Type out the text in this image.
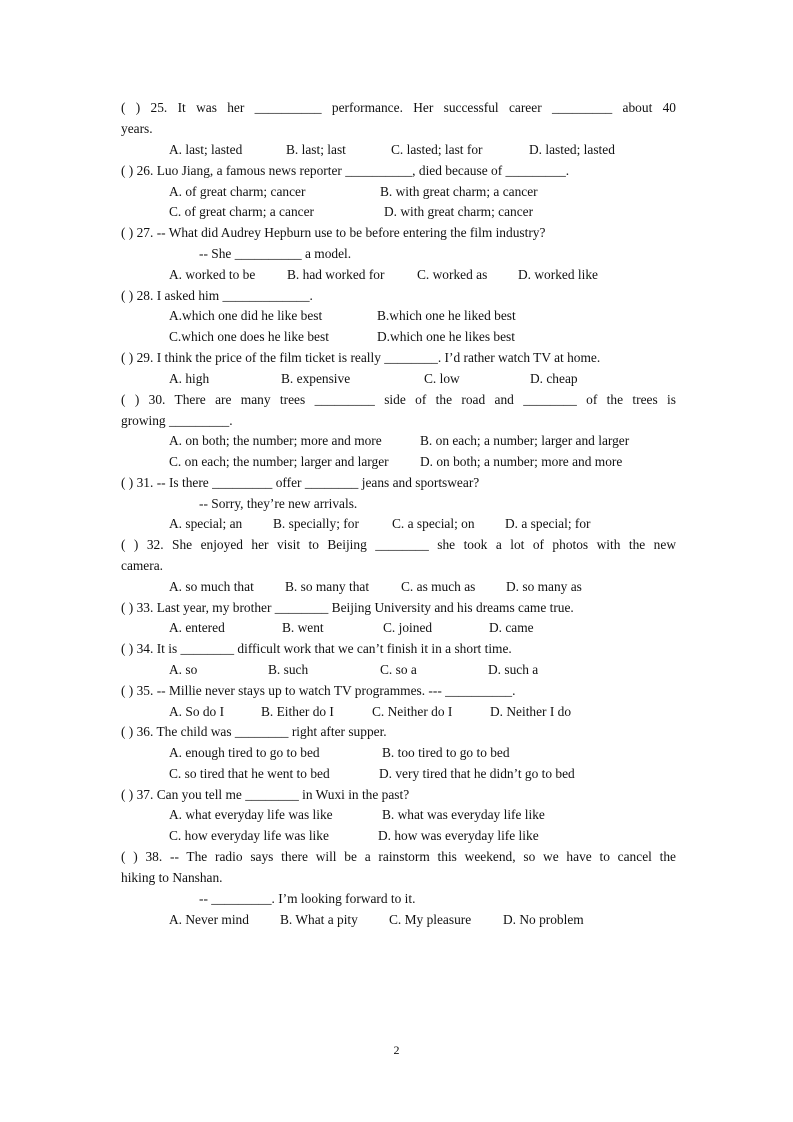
( ) 25. It was her __________ performance. Her successful career _________ about 40
years.
A. last; lasted	B. last; last	C. lasted; last for	D. lasted; lasted
( ) 26. Luo Jiang, a famous news reporter __________, died because of _________.
A. of great charm; cancer	B. with great charm; a cancer
C. of great charm; a cancer	D. with great charm; cancer
( ) 27. -- What did Audrey Hepburn use to be before entering the film industry?
-- She __________ a model.
A. worked to be B. had worked for C. worked as D. worked like
( ) 28. I asked him _____________.
A.which one did he like best	B.which one he liked best
C.which one does he like best	D.which one he likes best
( ) 29. I think the price of the film ticket is really ________. I’d rather watch TV at home.
A. high	B. expensive	C. low	D. cheap
( ) 30. There are many trees _________ side of the road and ________ of the trees is
growing _________.
A. on both; the number; more and more	B. on each; a number; larger and larger
C. on each; the number; larger and larger D. on both; a number; more and more
( ) 31. -- Is there _________ offer ________ jeans and sportswear?
-- Sorry, they’re new arrivals.
A. special; an B. specially; for C. a special; on D. a special; for
( ) 32. She enjoyed her visit to Beijing ________ she took a lot of photos with the new
camera.
A. so much that B. so many that C. as much as D. so many as
( ) 33. Last year, my brother ________ Beijing University and his dreams came true.
A. entered	B. went	C. joined	D. came
( ) 34. It is ________ difficult work that we can’t finish it in a short time.
A. so	B. such	C. so a	D. such a
( ) 35. -- Millie never stays up to watch TV programmes. --- __________.
A. So do I	B. Either do I	C. Neither do I	D. Neither I do
( ) 36. The child was ________ right after supper.
A. enough tired to go to bed	B. too tired to go to bed
C. so tired that he went to bed	D. very tired that he didn’t go to bed
( ) 37. Can you tell me ________ in Wuxi in the past?
A. what everyday life was like	B. what was everyday life like
C. how everyday life was like	D. how was everyday life like
( ) 38. -- The radio says there will be a rainstorm this weekend, so we have to cancel the
hiking to Nanshan.
-- _________. I’m looking forward to it.
A. Never mind B. What a pity C. My pleasure D. No problem
2
